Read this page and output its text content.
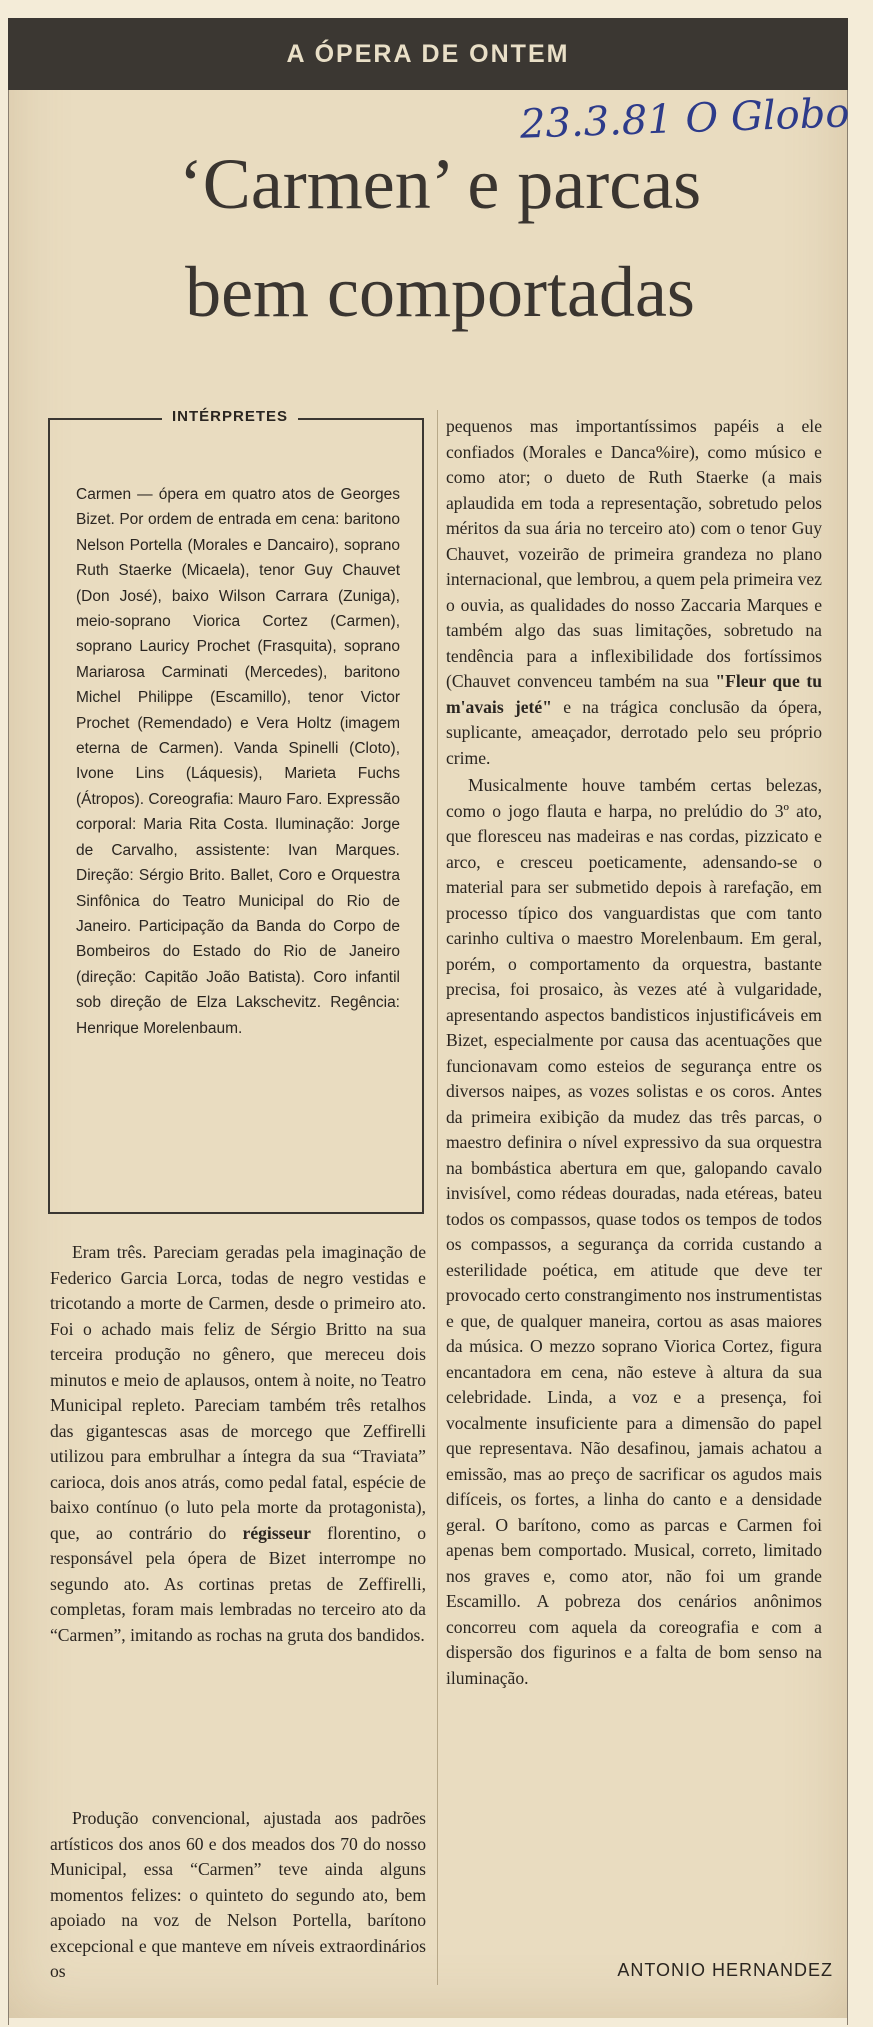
A ÓPERA DE ONTEM
23.3.81 O Globo
‘Carmen’ e parcas
bem comportadas
INTÉRPRETES
Carmen — ópera em quatro atos de Georges Bizet. Por ordem de entrada em cena: baritono Nelson Portella (Morales e Dancairo), soprano Ruth Staerke (Micaela), tenor Guy Chauvet (Don José), baixo Wilson Carrara (Zuniga), meio-soprano Viorica Cortez (Carmen), soprano Lauricy Prochet (Frasquita), soprano Mariarosa Carminati (Mercedes), baritono Michel Philippe (Escamillo), tenor Victor Prochet (Remendado) e Vera Holtz (imagem eterna de Carmen). Vanda Spinelli (Cloto), Ivone Lins (Láquesis), Marieta Fuchs (Átropos). Coreografia: Mauro Faro. Expressão corporal: Maria Rita Costa. Iluminação: Jorge de Carvalho, assistente: Ivan Marques. Direção: Sérgio Brito. Ballet, Coro e Orquestra Sinfônica do Teatro Municipal do Rio de Janeiro. Participação da Banda do Corpo de Bombeiros do Estado do Rio de Janeiro (direção: Capitão João Batista). Coro infantil sob direção de Elza Lakschevitz. Regência: Henrique Morelenbaum.

Eram três. Pareciam geradas pela imaginação de Federico Garcia Lorca, todas de negro vestidas e tricotando a morte de Carmen, desde o primeiro ato. Foi o achado mais feliz de Sérgio Britto na sua terceira produção no gênero, que mereceu dois minutos e meio de aplausos, ontem à noite, no Teatro Municipal repleto. Pareciam também três retalhos das gigantescas asas de morcego que Zeffirelli utilizou para embrulhar a íntegra da sua “Traviata” carioca, dois anos atrás, como pedal fatal, espécie de baixo contínuo (o luto pela morte da protagonista), que, ao contrário do régisseur florentino, o responsável pela ópera de Bizet interrompe no segundo ato. As cortinas pretas de Zeffirelli, completas, foram mais lembradas no terceiro ato da “Carmen”, imitando as rochas na gruta dos bandidos.

Produção convencional, ajustada aos padrões artísticos dos anos 60 e dos meados dos 70 do nosso Municipal, essa “Carmen” teve ainda alguns momentos felizes: o quinteto do segundo ato, bem apoiado na voz de Nelson Portella, barítono excepcional e que manteve em níveis extraordinários os

pequenos mas importantíssimos papéis a ele confiados (Morales e Danca%ire), como músico e como ator; o dueto de Ruth Staerke (a mais aplaudida em toda a representação, sobretudo pelos méritos da sua ária no terceiro ato) com o tenor Guy Chauvet, vozeirão de primeira grandeza no plano internacional, que lembrou, a quem pela primeira vez o ouvia, as qualidades do nosso Zaccaria Marques e também algo das suas limitações, sobretudo na tendência para a inflexibilidade dos fortíssimos (Chauvet convenceu também na sua "Fleur que tu m'avais jeté" e na trágica conclusão da ópera, suplicante, ameaçador, derrotado pelo seu próprio crime.

Musicalmente houve também certas belezas, como o jogo flauta e harpa, no prelúdio do 3º ato, que floresceu nas madeiras e nas cordas, pizzicato e arco, e cresceu poeticamente, adensando-se o material para ser submetido depois à rarefação, em processo típico dos vanguardistas que com tanto carinho cultiva o maestro Morelenbaum. Em geral, porém, o comportamento da orquestra, bastante precisa, foi prosaico, às vezes até à vulgaridade, apresentando aspectos bandisticos injustificáveis em Bizet, especialmente por causa das acentuações que funcionavam como esteios de segurança entre os diversos naipes, as vozes solistas e os coros. Antes da primeira exibição da mudez das três parcas, o maestro definira o nível expressivo da sua orquestra na bombástica abertura em que, galopando cavalo invisível, como rédeas douradas, nada etéreas, bateu todos os compassos, quase todos os tempos de todos os compassos, a segurança da corrida custando a esterilidade poética, em atitude que deve ter provocado certo constrangimento nos instrumentistas e que, de qualquer maneira, cortou as asas maiores da música. O mezzo soprano Viorica Cortez, figura encantadora em cena, não esteve à altura da sua celebridade. Linda, a voz e a presença, foi vocalmente insuficiente para a dimensão do papel que representava. Não desafinou, jamais achatou a emissão, mas ao preço de sacrificar os agudos mais difíceis, os fortes, a linha do canto e a densidade geral. O barítono, como as parcas e Carmen foi apenas bem comportado. Musical, correto, limitado nos graves e, como ator, não foi um grande Escamillo. A pobreza dos cenários anônimos concorreu com aquela da coreografia e com a dispersão dos figurinos e a falta de bom senso na iluminação.

ANTONIO HERNANDEZ
